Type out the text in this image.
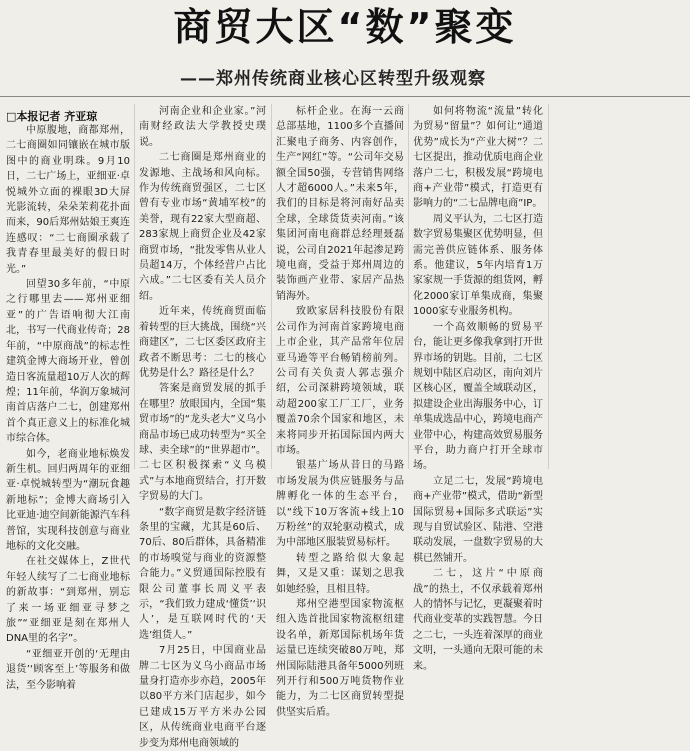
商贸大区“数”聚变
——郑州传统商业核心区转型升级观察
□本报记者 齐亚琼

中原腹地，商都郑州，二七商圈如同镶嵌在城市版图中的商业明珠。9月10日，二七广场上，亚细亚·卓悦城外立面的裸眼3D大屏光影流转，朵朵茉莉花扑面而来，90后郑州姑娘王爽连连感叹：“二七商圈承载了我青春里最美好的假日时光。”

回望30多年前，“中原之行哪里去——郑州亚细亚”的广告语响彻大江南北，书写一代商业传奇；28年前，“中原商战”的标志性建筑金博大商场开业，曾创造日客流量超10万人次的辉煌；11年前，华润万象城河南首店落户二七，创建郑州首个真正意义上的标准化城市综合体。

如今，老商业地标焕发新生机。回归两周年的亚细亚·卓悦城转型为“潮玩食趣新地标”；金博大商场引入比亚迪·迪空间新能源汽车科普馆，实现科技创意与商业地标的文化交融。

在社交媒体上，Z世代年轻人续写了二七商业地标的新故事：“到郑州，别忘了来一场亚细亚寻梦之旅”“亚细亚是刻在郑州人DNA里的名字”。

“亚细亚开创的‘无理由退货’‘顾客至上’等服务和做法，至今影响着

河南企业和企业家。”河南财经政法大学教授史璞说。

二七商圈是郑州商业的发源地、主战场和风向标。作为传统商贸强区，二七区曾有专业市场“黄埔军校”的美誉，现有22家大型商超、283家规上商贸企业及42家商贸市场，“批发零售从业人员超14万，个体经营户占比六成。”二七区委有关人员介绍。

近年来，传统商贸面临着转型的巨大挑战，围绕“兴商建区”，二七区委区政府主政者不断思考：二七的核心优势是什么？路径是什么？

答案是商贸发展的抓手在哪里？放眼国内，全国“集贸市场”的“龙头老大”义乌小商品市场已成功转型为“买全球、卖全球”的“世界超市”。二七区积极探索“义乌模式”与本地商贸结合，打开数字贸易的大门。

“数字商贸是数字经济链条里的宝藏，尤其是60后、70后、80后群体，具备精准的市场嗅觉与商业的资源整合能力。”义贸通国际控股有限公司董事长周义平表示，“我们致力建成‘懂货’‘识人’，是互联网时代的‘天选’组货人。”

7月25日，中国商业品牌二七区为义乌小商品市场量身打造亦步亦趋，2005年以80平方米门店起步，如今已建成15万平方米办公园区，从传统商业电商平台逐步变为郑州电商领域的

标杆企业。在海一云商总部基地，1100多个直播间汇聚电子商务、内容创作，生产“网红”等。“公司年交易额全国50强，专营销售网络人才超6000人。”未来5年，我们的目标是将河南好品卖全球，全球货货卖河南。”该集团河南电商群总经理聂磊说，公司自2021年起渗足跨境电商，受益于郑州周边的装饰画产业带、家居产品热销海外。

致欧家居科技股份有限公司作为河南首家跨境电商上市企业，其产品常年位居亚马逊等平台畅销榜前列。公司有关负责人郭志强介绍，公司深耕跨境领域，联动超200家工厂工厂，业务覆盖70余个国家和地区，未来将同步开拓国际国内两大市场。

银基广场从昔日的马路市场发展为供应链服务与品牌孵化一体的生态平台，以“线下10万客流+线上10万粉丝”的双轮驱动模式，成为中部地区服装贸易标杆。

转型之路给似大象起舞，又是又重：谋划之思我如她经验，且相且特。

郑州空港型国家物流枢纽入选首批国家物流枢纽建设名单，新郑国际机场年货运量已连续突破80万吨，郑州国际陆港具备年5000列班列开行和500万吨货物作业能力，为二七区商贸转型提供坚实后盾。

如何将物流“流量”转化为贸易“留量”？如何让“通道优势”成长为“产业大树”？二七区提出，推动优质电商企业落户二七，积极发展“跨境电商+产业带”模式，打造更有影响力的“二七品牌电商”IP。

周义平认为，二七区打造数字贸易集聚区优势明显，但需完善供应链体系、服务体系。他建议，5年内培育1万家家规一手货源的组货网，孵化2000家订单集成商，集聚1000家专业服务机构。

一个高效顺畅的贸易平台，能让更多像我拿到打开世界市场的钥匙。目前，二七区规划中陆区启动区，南向刘片区核心区，覆盖全域联动区，拟建设企业出海服务中心，订单集成选品中心，跨境电商产业带中心，构建高效贸易服务平台，助力商户打开全球市场。

立足二七，发展“跨境电商+产业带”模式，借助“新型国际贸易+国际多式联运”实现与自贸试验区、陆港、空港联动发展，一盘数字贸易的大棋已然铺开。

二七，这片“中原商战”的热土，不仅承载着郑州人的情怀与记忆，更凝聚着时代商业变革的实践智慧。今日之二七，一头连着深厚的商业文明，一头通向无限可能的未来。
